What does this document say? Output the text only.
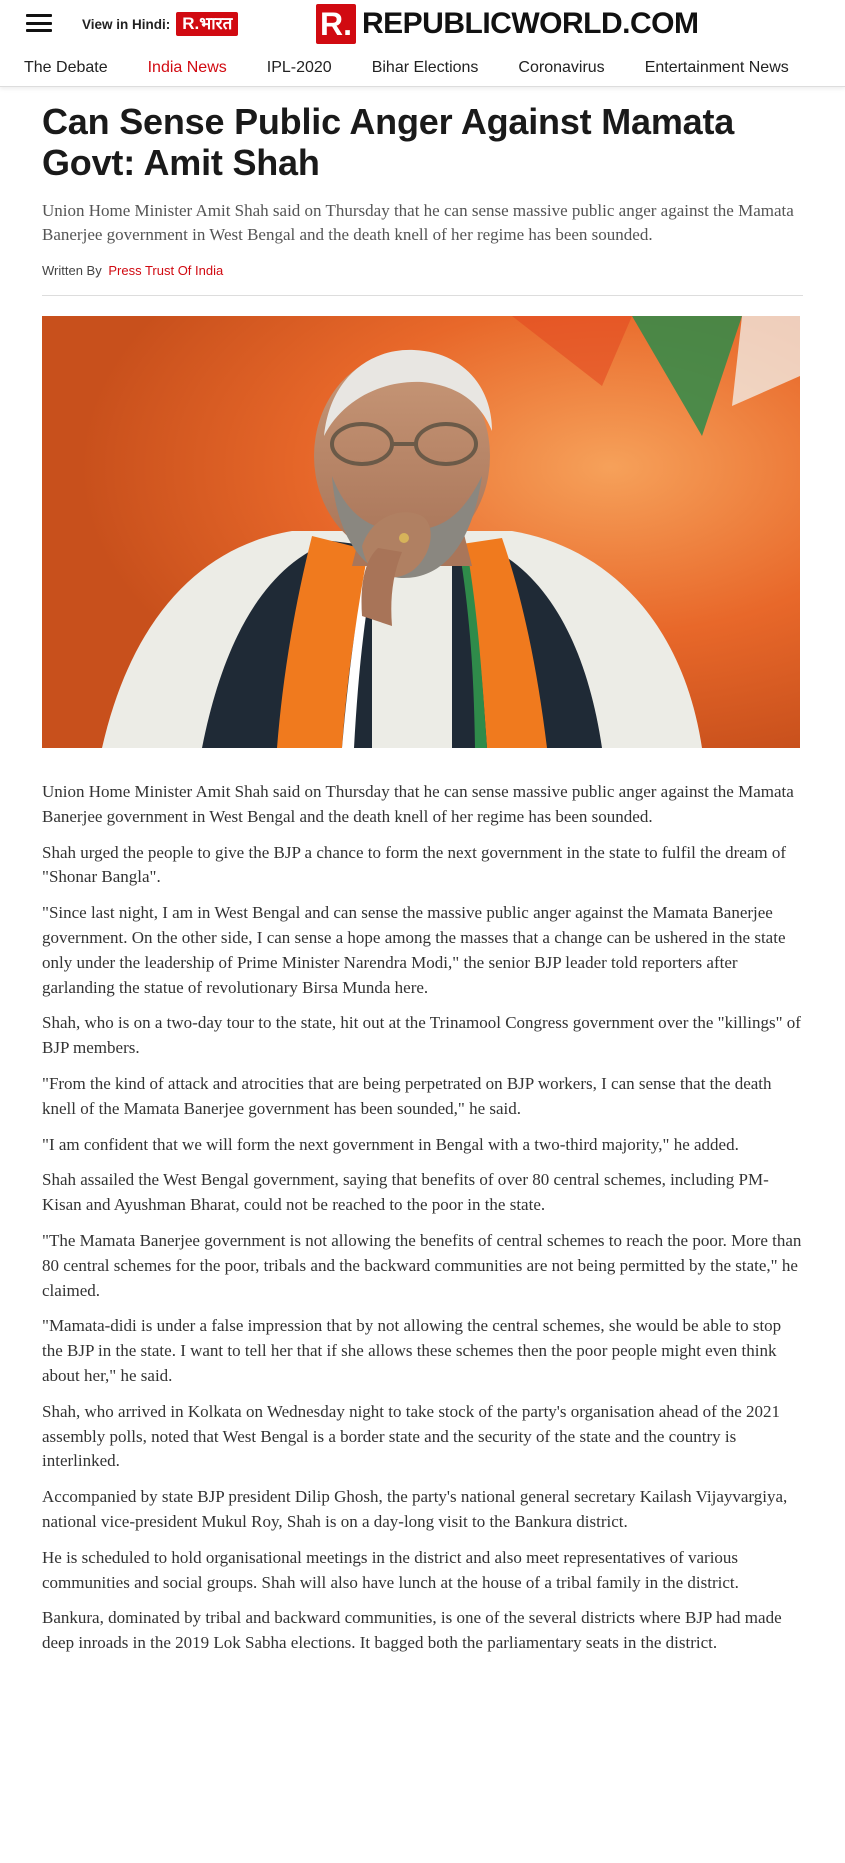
View in Hindi: R. भारत	R. REPUBLICWORLD.COM
The Debate	India News	IPL-2020	Bihar Elections	Coronavirus	Entertainment News
Can Sense Public Anger Against Mamata Govt: Amit Shah

Union Home Minister Amit Shah said on Thursday that he can sense massive public anger against the Mamata Banerjee government in West Bengal and the death knell of her regime has been sounded.

Written By Press Trust Of India

Union Home Minister Amit Shah said on Thursday that he can sense massive public anger against the Mamata Banerjee government in West Bengal and the death knell of her regime has been sounded.

Shah urged the people to give the BJP a chance to form the next government in the state to fulfil the dream of "Shonar Bangla".

"Since last night, I am in West Bengal and can sense the massive public anger against the Mamata Banerjee government. On the other side, I can sense a hope among the masses that a change can be ushered in the state only under the leadership of Prime Minister Narendra Modi," the senior BJP leader told reporters after garlanding the statue of revolutionary Birsa Munda here.

Shah, who is on a two-day tour to the state, hit out at the Trinamool Congress government over the "killings" of BJP members.

"From the kind of attack and atrocities that are being perpetrated on BJP workers, I can sense that the death knell of the Mamata Banerjee government has been sounded," he said.

"I am confident that we will form the next government in Bengal with a two-third majority," he added.

Shah assailed the West Bengal government, saying that benefits of over 80 central schemes, including PM-Kisan and Ayushman Bharat, could not be reached to the poor in the state.

"The Mamata Banerjee government is not allowing the benefits of central schemes to reach the poor. More than 80 central schemes for the poor, tribals and the backward communities are not being permitted by the state," he claimed.

"Mamata-didi is under a false impression that by not allowing the central schemes, she would be able to stop the BJP in the state. I want to tell her that if she allows these schemes then the poor people might even think about her," he said.

Shah, who arrived in Kolkata on Wednesday night to take stock of the party's organisation ahead of the 2021 assembly polls, noted that West Bengal is a border state and the security of the state and the country is interlinked.

Accompanied by state BJP president Dilip Ghosh, the party's national general secretary Kailash Vijayvargiya, national vice-president Mukul Roy, Shah is on a day-long visit to the Bankura district.

He is scheduled to hold organisational meetings in the district and also meet representatives of various communities and social groups. Shah will also have lunch at the house of a tribal family in the district.

Bankura, dominated by tribal and backward communities, is one of the several districts where BJP had made deep inroads in the 2019 Lok Sabha elections. It bagged both the parliamentary seats in the district.
